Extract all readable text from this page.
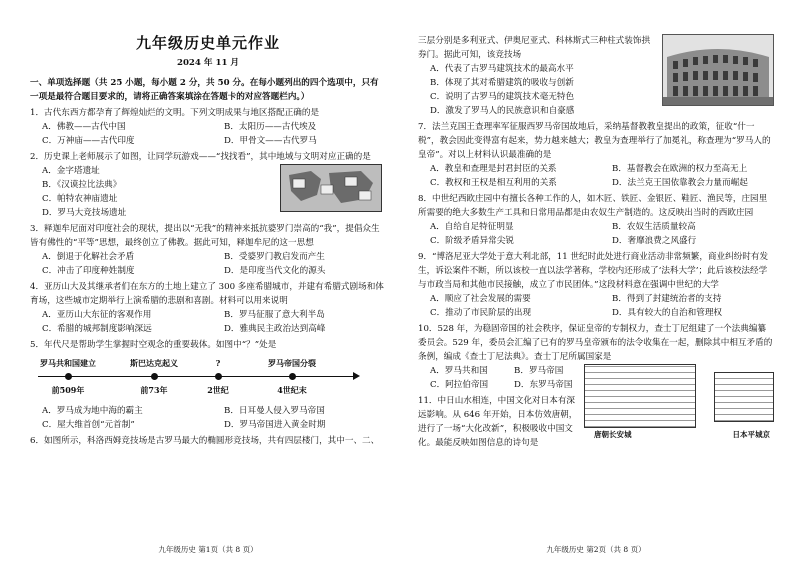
九年级历史单元作业
2024 年 11 月
一、单项选择题（共 25 小题，每小题 2 分，共 50 分。在每小题列出的四个选项中，只有一项是最符合题目要求的，请将正确答案填涂在答题卡的对应答题栏内。）
1．古代东西方都孕育了辉煌灿烂的文明。下列文明成果与地区搭配正确的是
A．佛教——古代中国	B．太阳历——古代埃及
C．万神庙——古代印度	D．甲骨文——古代罗马
2．历史课上老师展示了如图，让同学玩游戏——“找找看”，其中地域与文明对应正确的是
A．金字塔遗址
B．《汉谟拉比法典》
C．帕特农神庙遗址
D．罗马大竞技场遗址
3．释迦牟尼面对印度社会的现状，提出以“无我”的精神来抵抗婆罗门崇高的“我”，提倡众生皆有佛性的“平等”思想，最终创立了佛教。据此可知，释迦牟尼的这一思想
A．倒退于化解社会矛盾	B．受婆罗门教启发而产生
C．冲击了印度种姓制度	D．是印度当代文化的源头
4．亚历山大及其继承者们在东方的土地上建立了 300 多座希腊城市，并建有希腊式剧场和体育场，这些城市定期举行上演希腊的悲剧和喜剧。材料可以用来说明
A．亚历山大东征的客观作用	B．罗马征服了意大利半岛
C．希腊的城邦制度影响深远	D．雅典民主政治达到高峰
5．年代尺是帮助学生掌握时空观念的重要载体。如图中“？”处是
罗马共和国建立
前509年
斯巴达克起义
前73年
?
2世纪
罗马帝国分裂
4世纪末
A．罗马成为地中海的霸主	B．日耳曼人侵入罗马帝国
C．屋大维首创“元首制”	D．罗马帝国进入黄金时期
6．如图所示，科洛西姆竞技场是古罗马最大的椭圆形竞技场，共有四层楼门，其中一、二、
九年级历史 第1页（共 8 页）
三层分别是多利亚式、伊奥尼亚式、科林斯式三种柱式装饰拱券门。据此可知，该竞技场
A．代表了古罗马建筑技术的最高水平
B．体现了其对希腊建筑的吸收与创新
C．说明了古罗马的建筑技术毫无特色
D．激发了罗马人的民族意识和自豪感
7．法兰克国王查理率军征服西罗马帝国故地后，采纳基督教教皇提出的政策，征收“什一税”，教会因此变得富有起来，势力越来越大；教皇为查理举行了加冕礼，称查理为“罗马人的皇帝”。对以上材料认识最准确的是
A．教皇和查理是封君封臣的关系	B．基督教会在欧洲的权力至高无上
C．教权和王权是相互利用的关系	D．法兰克王国依靠教会力量而崛起
8．中世纪西欧庄园中有擅长各种工作的人，如木匠、铁匠、金银匠、鞋匠、渔民等，庄园里所需要的绝大多数生产工具和日常用品都是由农奴生产制造的。这反映出当时的西欧庄园
A．自给自足特征明显	B．农奴生活质量较高
C．阶级矛盾异常尖锐	D．奢靡浪费之风盛行
9．“博洛尼亚大学处于意大利北部，11 世纪时此处进行商业活动非常频繁，商业纠纷时有发生，诉讼案件不断，所以该校一直以法学著称，学校内还形成了‘法科大学’；此后该校法经学与市政当局和其他市民接触，成立了市民团体。”这段材料意在强调中世纪的大学
A．顺应了社会发展的需要	B．得到了封建统治者的支持
C．推动了市民阶层的出现	D．具有较大的自治和管理权
10．528 年，为稳固帝国的社会秩序，保证皇帝的专制权力，查士丁尼组建了一个法典编纂委员会。529 年，委员会汇编了已有的罗马皇帝颁布的法令收集在一起，删除其中相互矛盾的条例，编成《查士丁尼法典》。查士丁尼所属国家是
唐朝长安城	日本平城京
A．罗马共和国	B．罗马帝国
C．阿拉伯帝国	D．东罗马帝国
11．中日山水相连，中国文化对日本有深远影响。从 646 年开始，日本仿效唐朝，进行了一场“大化改新”，积极吸收中国文化。最能反映如图信息的诗句是
九年级历史 第2页（共 8 页）
